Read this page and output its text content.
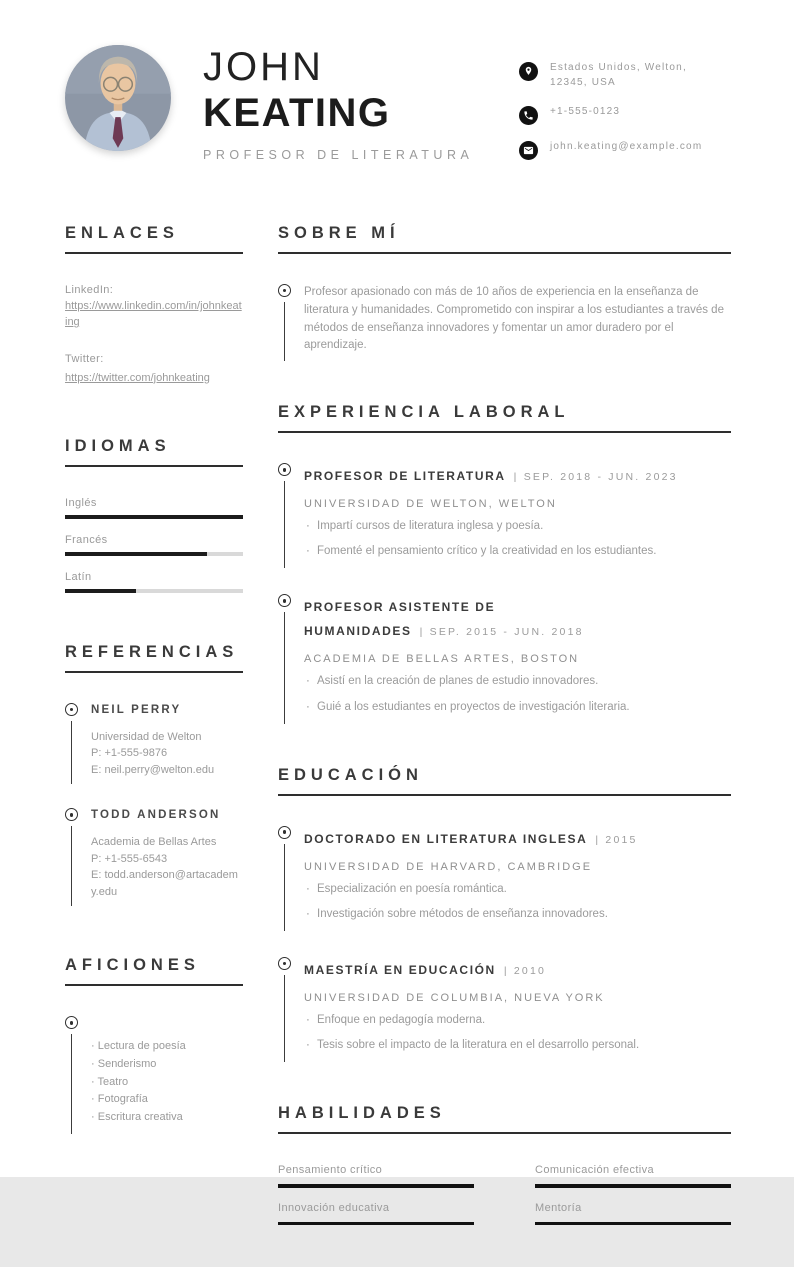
JOHN
KEATING
PROFESOR DE LITERATURA
Estados Unidos, Welton,
12345, USA
+1-555-0123
john.keating@example.com
ENLACES
LinkedIn:
https://www.linkedin.com/in/johnkeating
Twitter:
https://twitter.com/johnkeating
IDIOMAS
Inglés
Francés
Latín
REFERENCIAS
NEIL PERRY
Universidad de Welton
P: +1-555-9876
E: neil.perry@welton.edu
TODD ANDERSON
Academia de Bellas Artes
P: +1-555-6543
E: todd.anderson@artacademy.edu
AFICIONES
· Lectura de poesía
· Senderismo
· Teatro
· Fotografía
· Escritura creativa
SOBRE MÍ

Profesor apasionado con más de 10 años de experiencia en la enseñanza de literatura y humanidades. Comprometido con inspirar a los estudiantes a través de métodos de enseñanza innovadores y fomentar un amor duradero por el aprendizaje.

EXPERIENCIA LABORAL
PROFESOR DE LITERATURA | SEP. 2018 - JUN. 2023
UNIVERSIDAD DE WELTON, WELTON
· Impartí cursos de literatura inglesa y poesía.
· Fomenté el pensamiento crítico y la creatividad en los estudiantes.
PROFESOR ASISTENTE DE HUMANIDADES | SEP. 2015 - JUN. 2018
ACADEMIA DE BELLAS ARTES, BOSTON
· Asistí en la creación de planes de estudio innovadores.
· Guié a los estudiantes en proyectos de investigación literaria.
EDUCACIÓN
DOCTORADO EN LITERATURA INGLESA | 2015
UNIVERSIDAD DE HARVARD, CAMBRIDGE
· Especialización en poesía romántica.
· Investigación sobre métodos de enseñanza innovadores.
MAESTRÍA EN EDUCACIÓN | 2010
UNIVERSIDAD DE COLUMBIA, NUEVA YORK
· Enfoque en pedagogía moderna.
· Tesis sobre el impacto de la literatura en el desarrollo personal.
HABILIDADES
Pensamiento crítico	Comunicación efectiva
Innovación educativa	Mentoría
